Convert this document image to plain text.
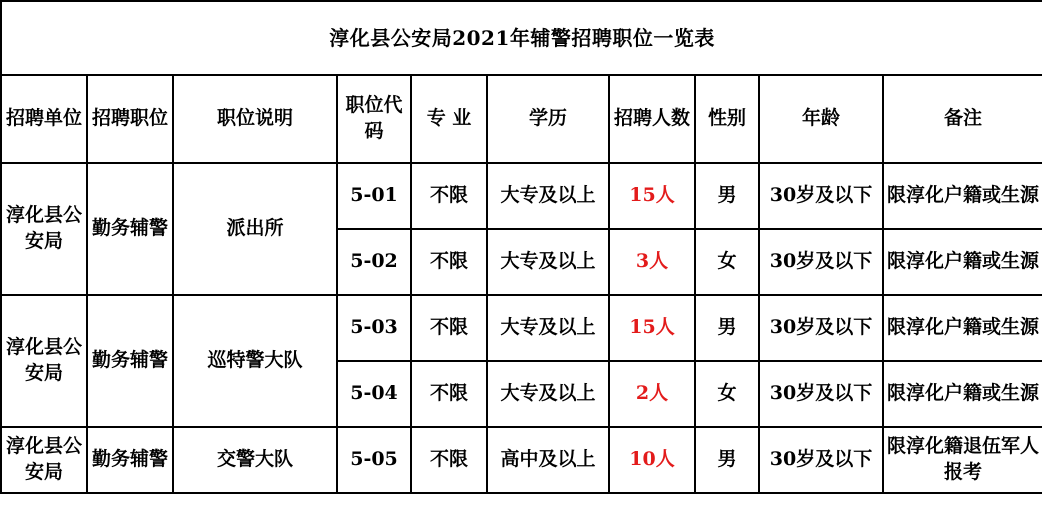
淳化县公安局2021年辅警招聘职位一览表									
招聘单位	招聘职位	职位说明	职位代码	专 业	学历	招聘人数	性别	年龄	备注
淳化县公安局	勤务辅警	派出所	5-01	不限	大专及以上	15人	男	30岁及以下	限淳化户籍或生源
			5-02	不限	大专及以上	3人	女	30岁及以下	限淳化户籍或生源
淳化县公安局	勤务辅警	巡特警大队	5-03	不限	大专及以上	15人	男	30岁及以下	限淳化户籍或生源
			5-04	不限	大专及以上	2人	女	30岁及以下	限淳化户籍或生源
淳化县公安局	勤务辅警	交警大队	5-05	不限	高中及以上	10人	男	30岁及以下	限淳化籍退伍军人报考
